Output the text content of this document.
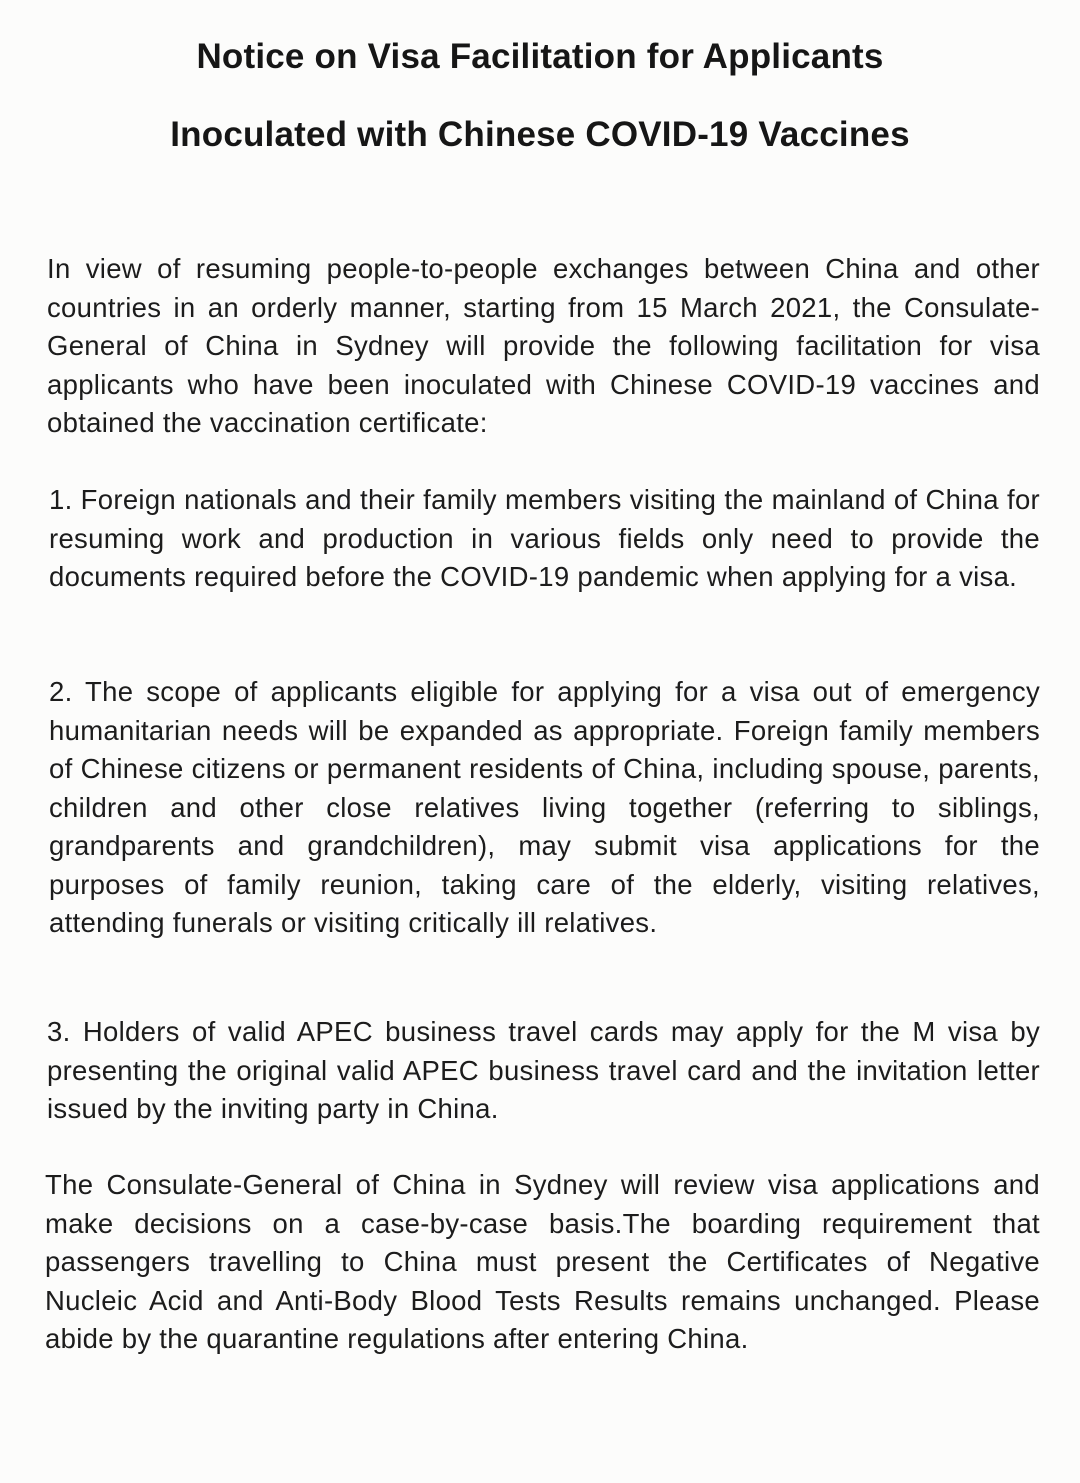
Notice on Visa Facilitation for Applicants
Inoculated with Chinese COVID-19 Vaccines

In view of resuming people-to-people exchanges between China and other countries in an orderly manner, starting from 15 March 2021, the Consulate-General of China in Sydney will provide the following facilitation for visa applicants who have been inoculated with Chinese COVID-19 vaccines and obtained the vaccination certificate:

1. Foreign nationals and their family members visiting the mainland of China for resuming work and production in various fields only need to provide the documents required before the COVID-19 pandemic when applying for a visa.

2. The scope of applicants eligible for applying for a visa out of emergency humanitarian needs will be expanded as appropriate. Foreign family members of Chinese citizens or permanent residents of China, including spouse, parents, children and other close relatives living together (referring to siblings, grandparents and grandchildren), may submit visa applications for the purposes of family reunion, taking care of the elderly, visiting relatives, attending funerals or visiting critically ill relatives.

3. Holders of valid APEC business travel cards may apply for the M visa by presenting the original valid APEC business travel card and the invitation letter issued by the inviting party in China.

The Consulate-General of China in Sydney will review visa applications and make decisions on a case-by-case basis.The boarding requirement that passengers travelling to China must present the Certificates of Negative Nucleic Acid and Anti-Body Blood Tests Results remains unchanged. Please abide by the quarantine regulations after entering China.
